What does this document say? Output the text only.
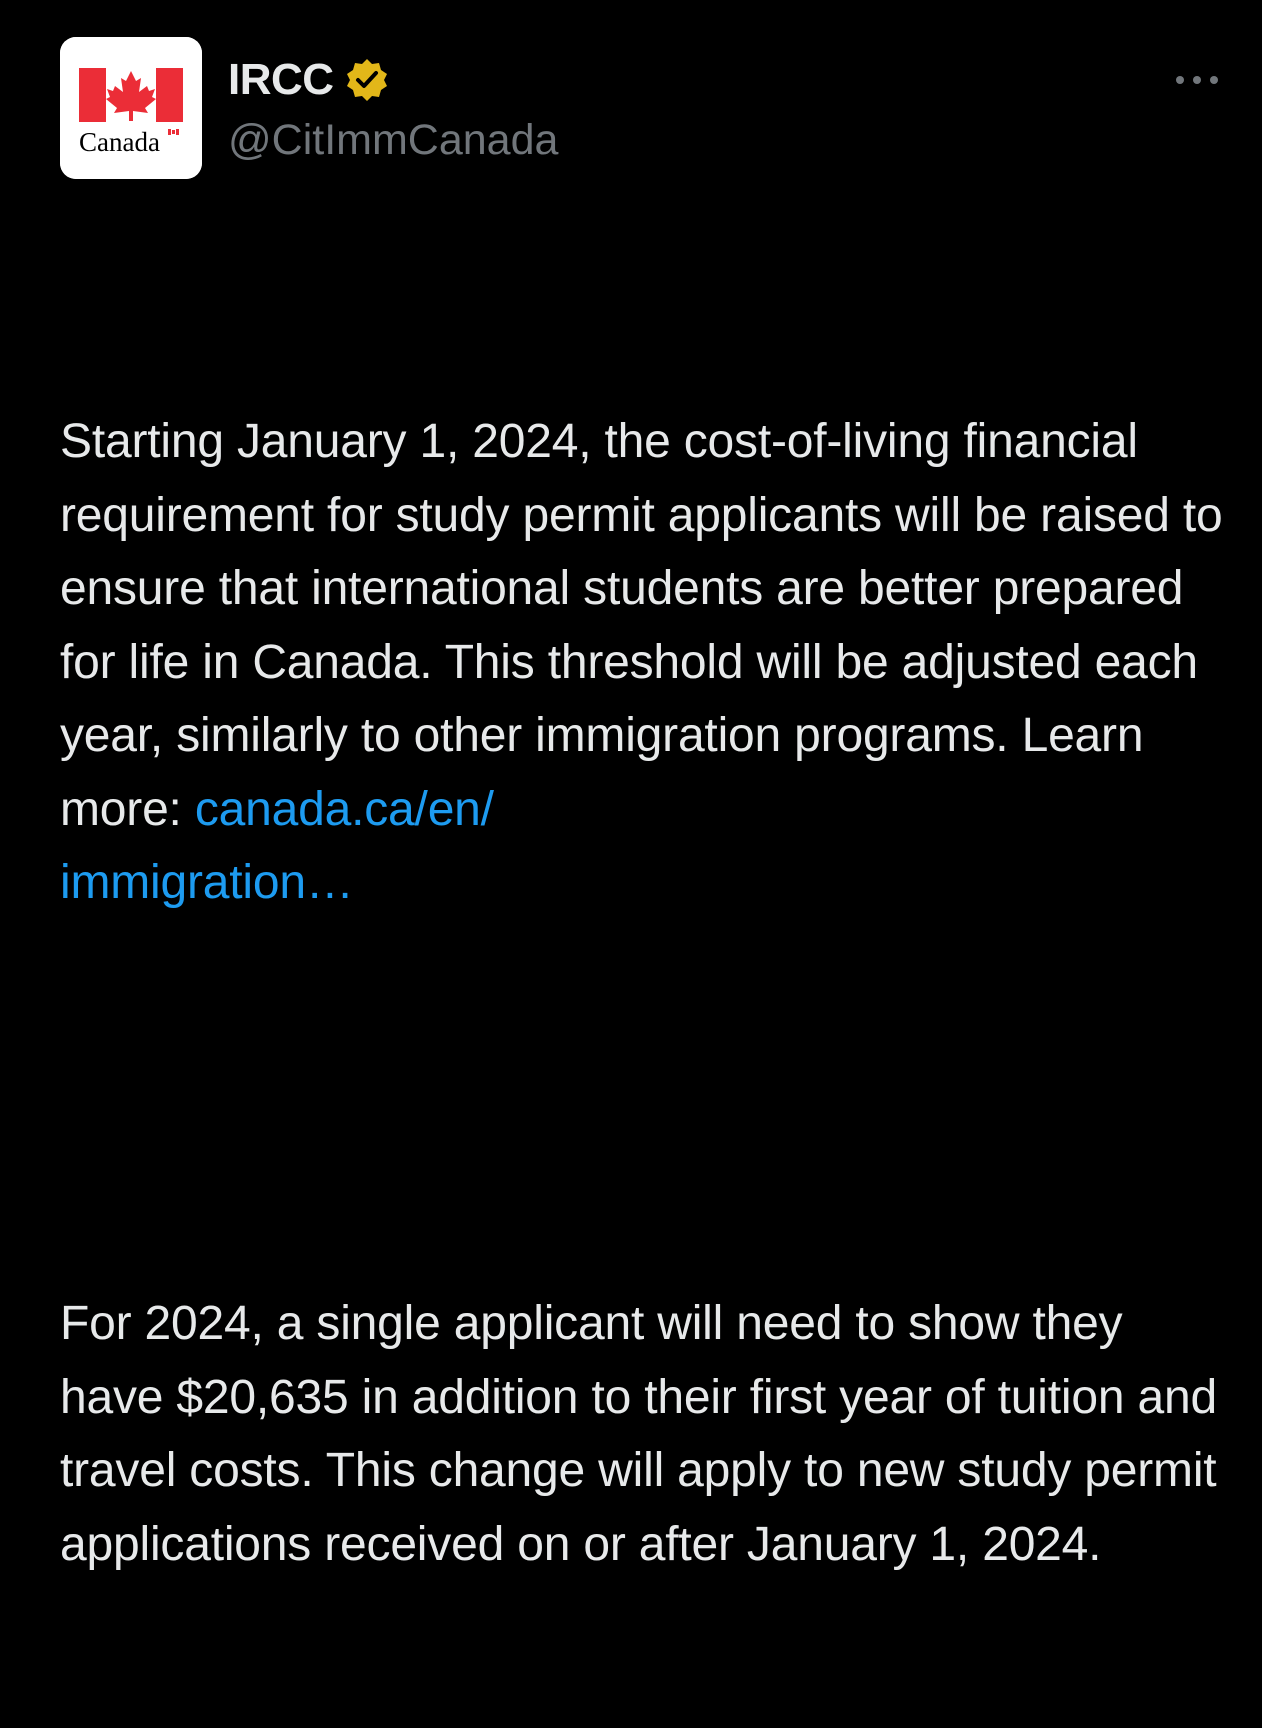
Canada
IRCC
@CitImmCanada

Starting January 1, 2024, the cost-of-living financial requirement for study permit applicants will be raised to ensure that international students are better prepared for life in Canada. This threshold will be adjusted each year, similarly to other immigration programs. Learn more: canada.ca/en/
immigration…

For 2024, a single applicant will need to show they have $20,635 in addition to their first year of tuition and travel costs. This change will apply to new study permit applications received on or after January 1, 2024.
